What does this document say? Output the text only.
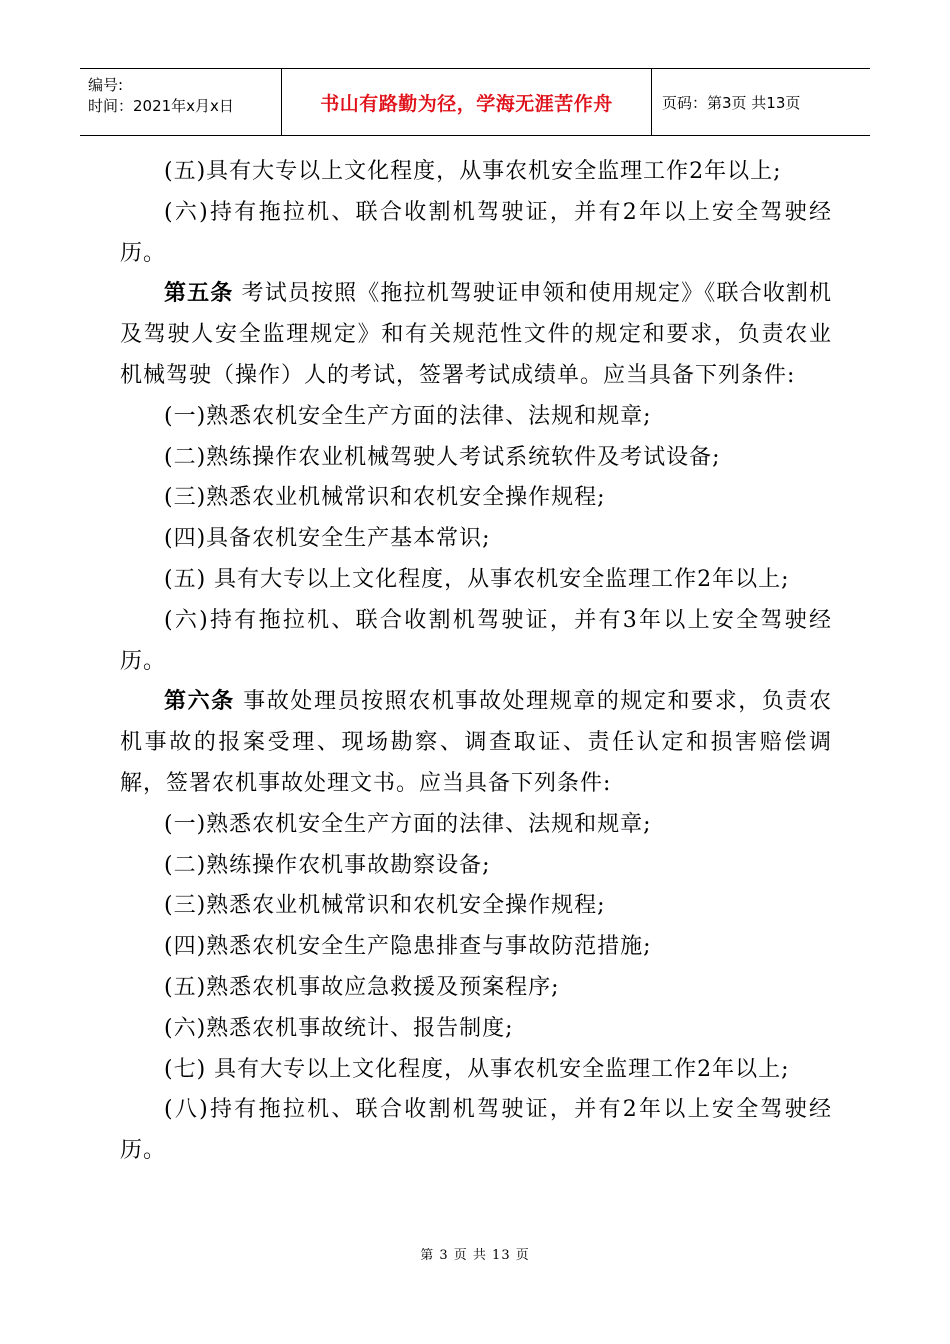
编号:
时间：2021年x月x日	书山有路勤为径，学海无涯苦作舟	页码：第3页 共13页

(五)具有大专以上文化程度，从事农机安全监理工作2年以上;

(六)持有拖拉机、联合收割机驾驶证，并有2年以上安全驾驶经历。

第五条 考试员按照《拖拉机驾驶证申领和使用规定》《联合收割机及驾驶人安全监理规定》和有关规范性文件的规定和要求，负责农业机械驾驶（操作）人的考试，签署考试成绩单。应当具备下列条件:

(一)熟悉农机安全生产方面的法律、法规和规章;

(二)熟练操作农业机械驾驶人考试系统软件及考试设备;

(三)熟悉农业机械常识和农机安全操作规程;

(四)具备农机安全生产基本常识;

(五) 具有大专以上文化程度，从事农机安全监理工作2年以上;

(六)持有拖拉机、联合收割机驾驶证，并有3年以上安全驾驶经历。

第六条 事故处理员按照农机事故处理规章的规定和要求，负责农机事故的报案受理、现场勘察、调查取证、责任认定和损害赔偿调解，签署农机事故处理文书。应当具备下列条件:

(一)熟悉农机安全生产方面的法律、法规和规章;

(二)熟练操作农机事故勘察设备;

(三)熟悉农业机械常识和农机安全操作规程;

(四)熟悉农机安全生产隐患排查与事故防范措施;

(五)熟悉农机事故应急救援及预案程序;

(六)熟悉农机事故统计、报告制度;

(七) 具有大专以上文化程度，从事农机安全监理工作2年以上;

(八)持有拖拉机、联合收割机驾驶证，并有2年以上安全驾驶经历。

第 3 页 共 13 页
